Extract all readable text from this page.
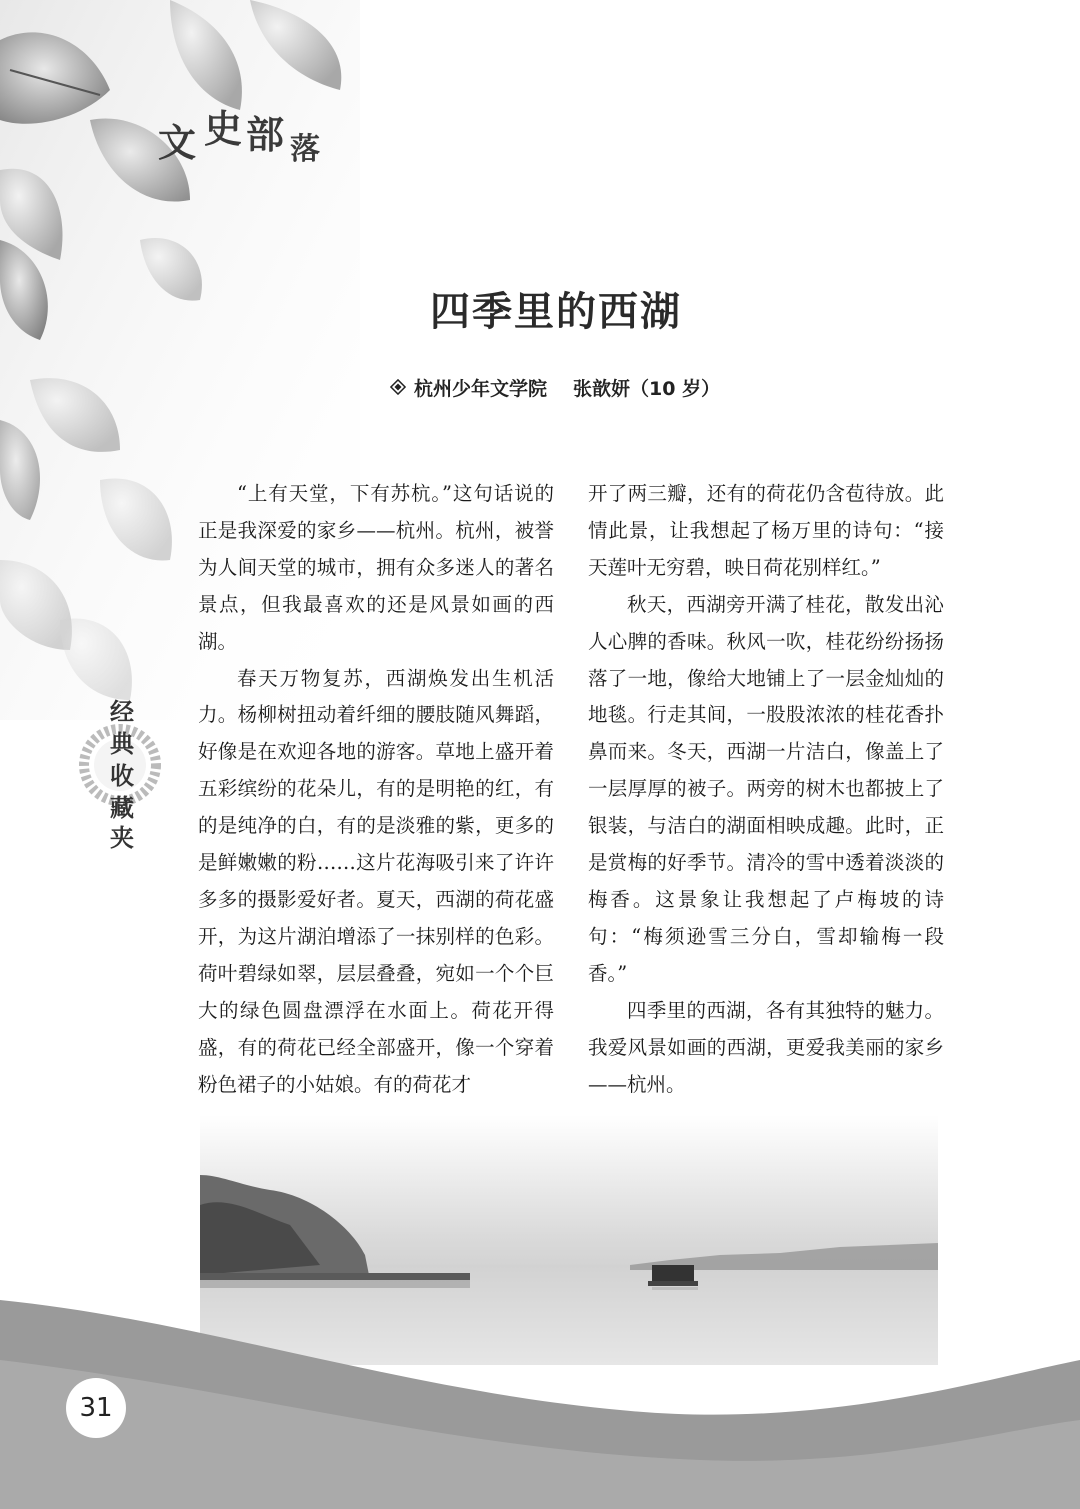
文 史 部 落
四季里的西湖
杭州少年文学院 张歆妍（10 岁）
经
典
收
藏
夹

“上有天堂，下有苏杭。”这句话说的正是我深爱的家乡——杭州。杭州，被誉为人间天堂的城市，拥有众多迷人的著名景点，但我最喜欢的还是风景如画的西湖。

春天万物复苏，西湖焕发出生机活力。杨柳树扭动着纤细的腰肢随风舞蹈，好像是在欢迎各地的游客。草地上盛开着五彩缤纷的花朵儿，有的是明艳的红，有的是纯净的白，有的是淡雅的紫，更多的是鲜嫩嫩的粉……这片花海吸引来了许许多多的摄影爱好者。夏天，西湖的荷花盛开，为这片湖泊增添了一抹别样的色彩。荷叶碧绿如翠，层层叠叠，宛如一个个巨大的绿色圆盘漂浮在水面上。荷花开得盛，有的荷花已经全部盛开，像一个穿着粉色裙子的小姑娘。有的荷花才

开了两三瓣，还有的荷花仍含苞待放。此情此景，让我想起了杨万里的诗句：“接天莲叶无穷碧，映日荷花别样红。”

秋天，西湖旁开满了桂花，散发出沁人心脾的香味。秋风一吹，桂花纷纷扬扬落了一地，像给大地铺上了一层金灿灿的地毯。行走其间，一股股浓浓的桂花香扑鼻而来。冬天，西湖一片洁白，像盖上了一层厚厚的被子。两旁的树木也都披上了银装，与洁白的湖面相映成趣。此时，正是赏梅的好季节。清冷的雪中透着淡淡的梅香。这景象让我想起了卢梅坡的诗句：“梅须逊雪三分白，雪却输梅一段香。”

四季里的西湖，各有其独特的魅力。我爱风景如画的西湖，更爱我美丽的家乡——杭州。

31
